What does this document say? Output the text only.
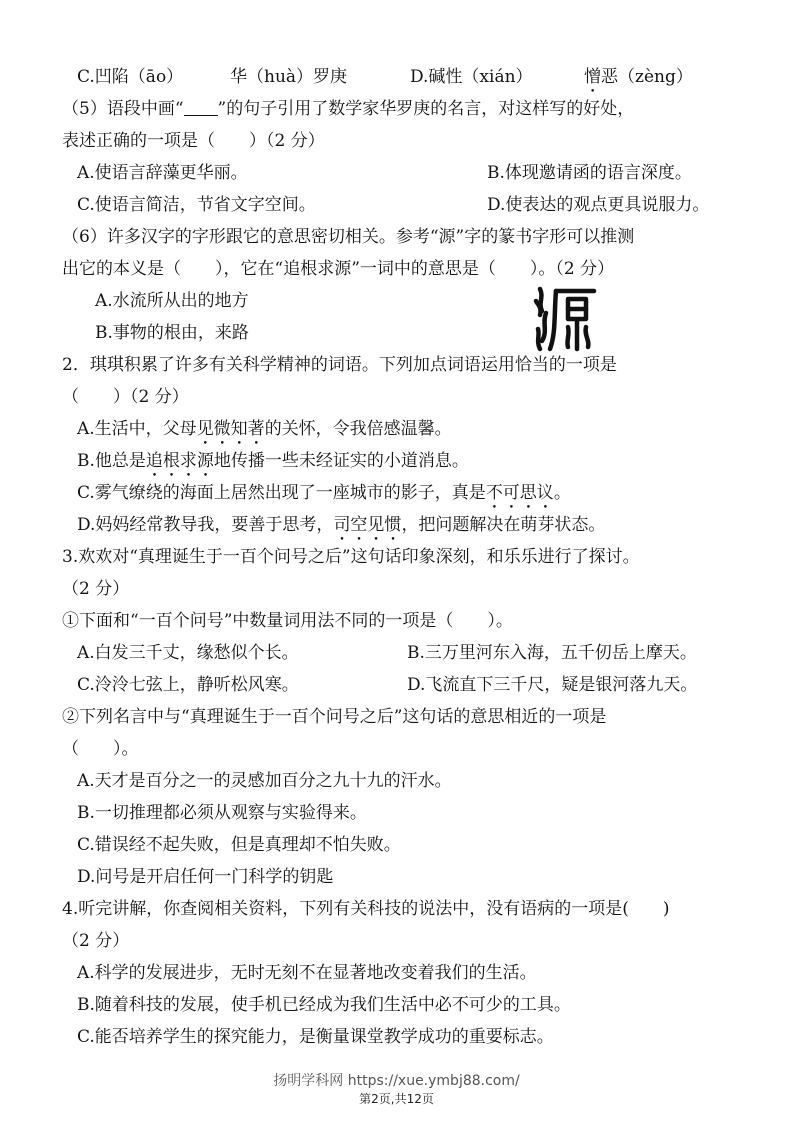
C.凹陷（āo）	华（huà）罗庚	D.碱性（xián）	憎恶（zèng）
（5）语段中画“ ”的句子引用了数学家华罗庚的名言，对这样写的好处，
表述正确的一项是（　　）（2 分）
A.使语言辞藻更华丽。	B.体现邀请函的语言深度。
C.使语言简洁，节省文字空间。	D.使表达的观点更具说服力。
（6）许多汉字的字形跟它的意思密切相关。参考“源”字的篆书字形可以推测
出它的本义是（　　），它在“追根求源”一词中的意思是（　　）。（2 分）
A.水流所从出的地方
B.事物的根由，来路
2．琪琪积累了许多有关科学精神的词语。下列加点词语运用恰当的一项是
（　　）（2 分）
A.生活中，父母见微知著的关怀，令我倍感温馨。
B.他总是追根求源地传播一些未经证实的小道消息。
C.雾气缭绕的海面上居然出现了一座城市的影子，真是不可思议。
D.妈妈经常教导我，要善于思考，司空见惯，把问题解决在萌芽状态。
3.欢欢对“真理诞生于一百个问号之后”这句话印象深刻，和乐乐进行了探讨。
（2 分）
①下面和“一百个问号”中数量词用法不同的一项是（　　）。
A.白发三千丈，缘愁似个长。	B.三万里河东入海，五千仞岳上摩天。
C.泠泠七弦上，静听松风寒。	D.飞流直下三千尺，疑是银河落九天。
②下列名言中与“真理诞生于一百个问号之后”这句话的意思相近的一项是
（　　）。
A.天才是百分之一的灵感加百分之九十九的汗水。
B.一切推理都必须从观察与实验得来。
C.错误经不起失败，但是真理却不怕失败。
D.问号是开启任何一门科学的钥匙
4.听完讲解，你查阅相关资料，下列有关科技的说法中，没有语病的一项是(　　)
（2 分）
A.科学的发展进步，无时无刻不在显著地改变着我们的生活。
B.随着科技的发展，使手机已经成为我们生活中必不可少的工具。
C.能否培养学生的探究能力，是衡量课堂教学成功的重要标志。
扬明学科网 https://xue.ymbj88.com/
第2页,共12页
